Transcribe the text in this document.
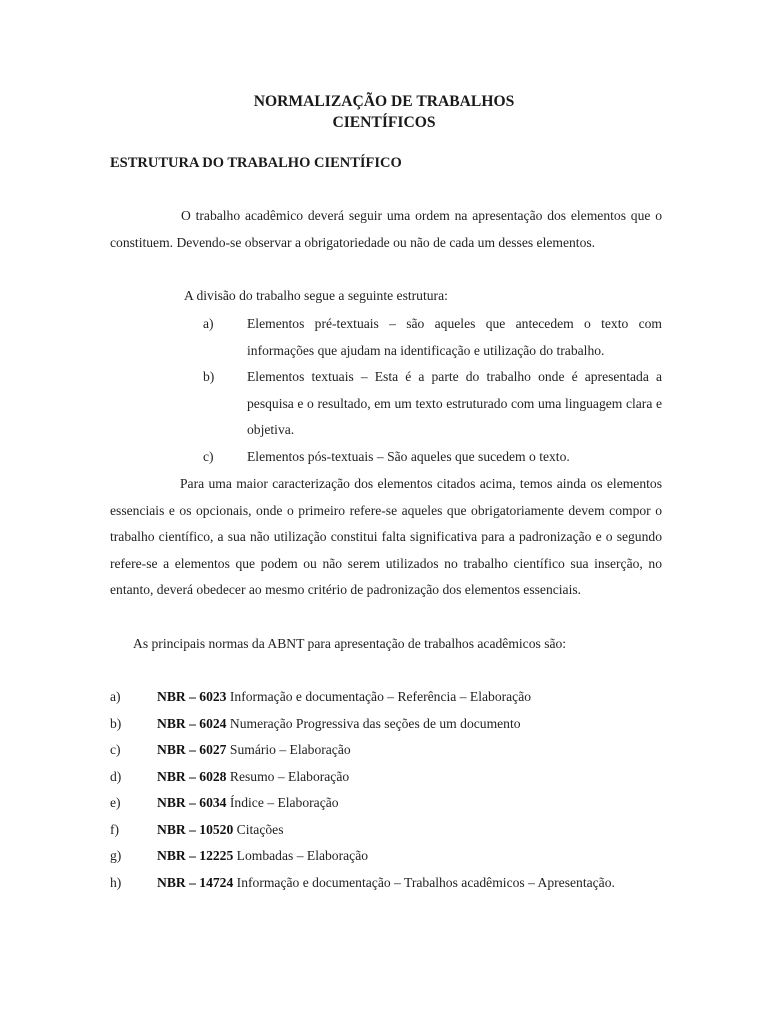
NORMALIZAÇÃO DE TRABALHOS
CIENTÍFICOS
ESTRUTURA DO TRABALHO CIENTÍFICO

O trabalho acadêmico deverá seguir uma ordem na apresentação dos elementos que o constituem. Devendo-se observar a obrigatoriedade ou não de cada um desses elementos.

A divisão do trabalho segue a seguinte estrutura:

a)	Elementos pré-textuais – são aqueles que antecedem o texto com informações que ajudam na identificação e utilização do trabalho.
b)	Elementos textuais – Esta é a parte do trabalho onde é apresentada a pesquisa e o resultado, em um texto estruturado com uma linguagem clara e objetiva.
c)	Elementos pós-textuais – São aqueles que sucedem o texto.

Para uma maior caracterização dos elementos citados acima, temos ainda os elementos essenciais e os opcionais, onde o primeiro refere-se aqueles que obrigatoriamente devem compor o trabalho científico, a sua não utilização constitui falta significativa para a padronização e o segundo refere-se a elementos que podem ou não serem utilizados no trabalho científico sua inserção, no entanto, deverá obedecer ao mesmo critério de padronização dos elementos essenciais.

As principais normas da ABNT para apresentação de trabalhos acadêmicos são:

a)	NBR – 6023 Informação e documentação – Referência – Elaboração
b)	NBR – 6024 Numeração Progressiva das seções de um documento
c)	NBR – 6027 Sumário – Elaboração
d)	NBR – 6028 Resumo – Elaboração
e)	NBR – 6034 Índice – Elaboração
f)	NBR – 10520 Citações
g)	NBR – 12225 Lombadas – Elaboração
h)	NBR – 14724 Informação e documentação – Trabalhos acadêmicos – Apresentação.
